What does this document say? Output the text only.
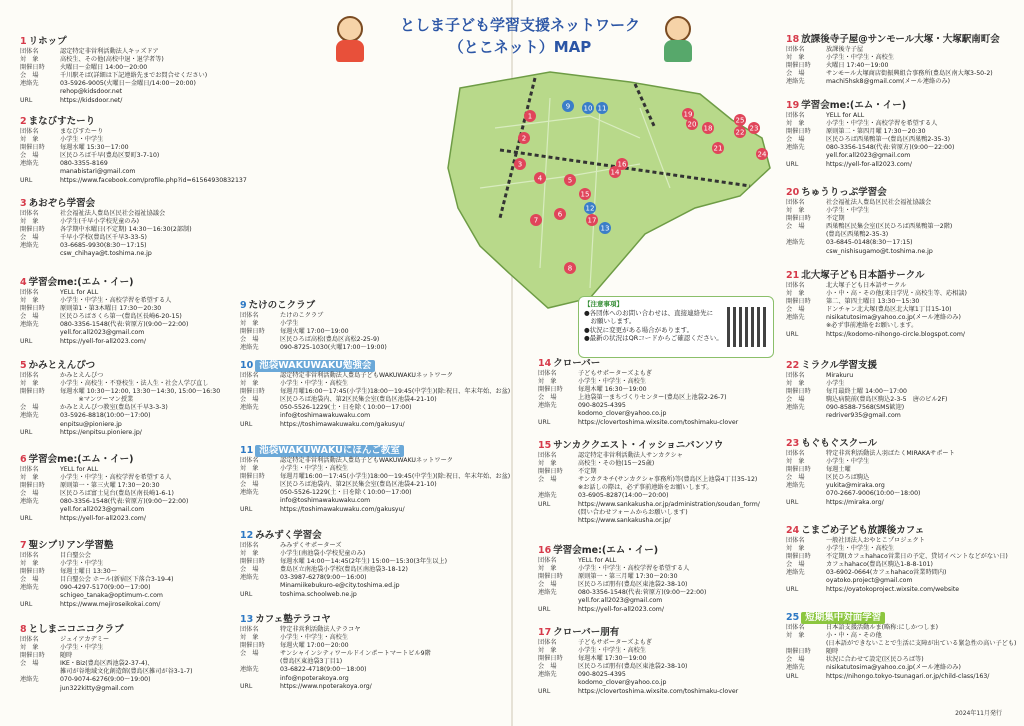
としま子ども学習支援ネットワーク
（とこネット）MAP
1
2
3
4	5
6
7
8
9 10 11
12
13
14
15
16
17
18
19
20
21
22 23
24
25
【注意事項】
●各団体へのお問い合わせは、直接連絡先に
　お願いします。
●状況に変更がある場合があります。
●最新の状況はQRコードからご確認ください。
2024年11月発行
1 リホップ
団体名	認定特定非営利活動法人キッズドア
対　象	高校生、その他(高校中退・退学者等)
開催日時	火曜日～金曜日 14:00～20:00
会　場	千川駅そば(詳細は下記連絡先までお問合せください)
連絡先	03-5926-9005(火曜日～金曜日/14:00～20:00)
rehop@kidsdoor.net
URL	https://kidsdoor.net/
2 まなびすたーり
団体名	まなびすたーり
対　象	小学生・中学生
開催日時	毎週水曜 15:30～17:00
会　場	区民ひろば千早(豊島区要町3-7-10)
連絡先	080-3355-8169
manabistari@gmail.com
URL	https://www.facebook.com/profile.php?id=61564930832137
3 あおぞら学習会
団体名	社会福祉法人豊島区民社会福祉協議会
対　象	小学生(千早小学校児童のみ)
開催日時	各学期中水曜日(不定期) 14:30～16:30(2部制)
会　場	千早小学校(豊島区千早3-33-5)
連絡先	03-6685-9930(8:30～17:15)
csw_chihaya@t.toshima.ne.jp
4 学習会me:(エム・イー)
団体名	YELL for ALL
対　象	小学生・中学生・高校学習を希望する人
開催日時	原則第1・第3木曜日 17:30～20:30
会　場	区民ひろばさくら第一(豊島区長崎6-20-15)
連絡先	080-3356-1548(代表:菅原方)(9:00～22:00)
yell.for.all2023@gmail.com
URL	https://yell-for-all2023.com/
5 かみとえんぴつ
団体名	かみとえんぴつ
対　象	小学生・高校生・不登校生・法人生・社会人学び直し
開催日時	毎週水曜 10:30～12:00, 13:30～14:30, 15:00～16:30
　　　※マンツーマン授業
会　場	かみとえんぴつ教室(豊島区千早3-3-3)
連絡先	03-5926-8818(10:00～17:00)
enpitsu@pioniere.jp
URL	https://enpitsu.pioniere.jp/
6 学習会me:(エム・イー)
団体名	YELL for ALL
対　象	小学生・中学生・高校学習を希望する人
開催日時	原則第一・第三火曜 17:30～20:30
会　場	区民ひろば富士見台(豊島区南長崎1-6-1)
連絡先	080-3356-1548(代表:菅原方)(9:00～22:00)
yell.for.all2023@gmail.com
URL	https://yell-for-all2023.com/
7 聖シプリアン学習塾
団体名	目白聖公会
対　象	小学生・中学生
開催日時	毎週土曜日 13:30～
会　場	目白聖公会 ホール(新宿区下落合3-19-4)
連絡先	090-4297-5170(9:00～17:00)
schigeo_tanaka@optimum-c.com
URL	https://www.mejiroseikokai.com/
8 としまニコニコクラブ
団体名	ジェイアカデミー
対　象	小学生・中学生
開催日時	随時
会　場	IKE・Biz(豊島区西池袋2-37-4)、
雑司が谷地域文化創造館(豊島区雑司が谷3-1-7)
連絡先	070-9074-6276(9:00～19:00)
jun322kitty@gmail.com
9 たけのこクラブ
団体名	たけのこクラブ
対　象	小学生
開催日時	毎週火曜 17:00～19:00
会　場	区民ひろば高松(豊島区高松2-25-9)
連絡先	090-8725-1030(火曜17:00～19:00)
10 池袋WAKUWAKU勉強会
団体名	認定特定非営利活動法人豊島子どもWAKUWAKUネットワーク
対　象	小学生・中学生・高校生
開催日時	毎週月曜16:00～17:45(小学生)18:00～19:45(中学生)(除:祝日、年末年始、お盆)
会　場	区民ひろば池袋内、第2区民集会室(豊島区池袋4-21-10)
連絡先	050-5526-1229(土・日を除く10:00～17:00)
info@toshimawakuwaku.com
URL	https://toshimawakuwaku.com/gakusyu/
11 池袋WAKUWAKUにほんご教室
団体名	認定特定非営利活動法人豊島子どもWAKUWAKUネットワーク
対　象	小学生・中学生・高校生
開催日時	毎週月曜16:00～17:45(小学生)18:00～19:45(中学生)(除:祝日、年末年始、お盆)
会　場	区民ひろば池袋内、第2区民集会室(豊島区池袋4-21-10)
連絡先	050-5526-1229(土・日を除く10:00～17:00)
info@toshimawakuwaku.com
URL	https://toshimawakuwaku.com/gakusyu/
12 みみずく学習会
団体名	みみずくサポーターズ
対　象	小学生(南池袋小学校児童のみ)
開催日時	毎週水曜 14:00～14:45(2年生) 15:00～15:30(3年生以上)
会　場	豊島区立南池袋小学校(豊島区南池袋3-18-12)
連絡先	03-3987-6278(9:00～16:00)
Minamiikebukuro-e@city.toshima.ed.jp
URL	toshima.schoolweb.ne.jp
13 カフェ塾テラコヤ
団体名	特定非営利活動法人テラコヤ
対　象	小学生・中学生・高校生
開催日時	毎週火曜 17:00～20:00
会　場	サンシャインシティワールドインポートマートビル9階
(豊島区東池袋3丁目1)
連絡先	03-6822-4718(9:00～18:00)
info@npoterakoya.org
URL	https://www.npoterakoya.org/
14 クローバー
団体名	子どもサポーターズよもぎ
対　象	小学生・中学生・高校生
開催日時	毎週木曜 16:30～19:00
会　場	上池袋第一まちづくりセンター(豊島区上池袋2-26-7)
連絡先	090-8025-4395
kodomo_clover@yahoo.co.jp
URL	https://clovertoshima.wixsite.com/toshimaku-clover
15 サンカククエスト・イッショニバンソウ
団体名	認定特定非営利活動法人サンカクシャ
対　象	高校生・その他(15～25歳)
開催日時	不定期
会　場	サンカクキチ(サンカクシャ事務所)等(豊島区上池袋4丁目35-12)
※お話しの際は、必ず事前連絡をお願いします。
連絡先	03-6905-8287(14:00～20:00)
URL	https://www.sankakusha.or.jp/administration/soudan_form/
(問い合わせフォームからお願いします)
https://www.sankakusha.or.jp/
16 学習会me:(エム・イー)
団体名	YELL for ALL
対　象	小学生・中学生・高校学習を希望する人
開催日時	原則第一・第三月曜 17:30～20:30
会　場	区民ひろば朋有(豊島区東池袋2-38-10)
連絡先	080-3356-1548(代表:菅原方)(9:00～22:00)
yell.for.all2023@gmail.com
URL	https://yell-for-all2023.com/
17 クローバー朋有
団体名	子どもサポーターズよもぎ
対　象	小学生・中学生・高校生
開催日時	毎週木曜 17:30～19:00
会　場	区民ひろば朋有(豊島区東池袋2-38-10)
連絡先	090-8025-4395
kodomo_clover@yahoo.co.jp
URL	https://clovertoshima.wixsite.com/toshimaku-clover
18 放課後寺子屋@サンモール大塚・大塚駅南町会
団体名	放課後寺子屋
対　象	小学生・中学生・高校生
開催日時	火曜日 17:40～19:00
会　場	サンモール大塚商店街振興組合事務所(豊島区南大塚3-50-2)
連絡先	machi5hsk8@gmail.com(メール連絡のみ)
19 学習会me:(エム・イー)
団体名	YELL for ALL
対　象	小学生・中学生・高校学習を希望する人
開催日時	原則第二・第四月曜 17:30～20:30
会　場	区民ひろば西巣鴨第一(豊島区西巣鴨2-35-3)
連絡先	080-3356-1548(代表:菅原方)(9:00～22:00)
yell.for.all2023@gmail.com
URL	https://yell-for-all2023.com/
20 ちゅうりっぷ学習会
団体名	社会福祉法人豊島区民社会福祉協議会
対　象	小学生・中学生
開催日時	不定期
会　場	西巣鴨区民集会室(区民ひろば西巣鴨第一2階)
(豊島区西巣鴨2-35-3)
連絡先	03-6845-0148(8:30～17:15)
csw_nishisugamo@t.toshima.ne.jp
21 北大塚子ども日本語サークル
団体名	北大塚子ども日本語サークル
対　象	小・中・高・その他(来日学児・高校生等、応相談)
開催日時	第二、第四土曜日 13:30～15:30
会　場	ドンチャン北大塚(豊島区北大塚1丁目15-10)
連絡先	nisikatutosima@yahoo.co.jp(メール連絡のみ)
※必ず事前連絡をお願いします。
URL	https://kodomo-nihongo-circle.blogspot.com/
22 ミラクル学習支援
団体名	Mirakuru
対　象	小学生
開催日時	毎月最終土曜 14:00～17:00
会　場	駒込病院前(豊島区駒込2-3-5　唐のビル2F)
連絡先	090-8588-7568(SMS歓迎)
redriver935@gmail.com
23 もぐもぐスクール
団体名	特定非営利活動法人羽ばたくMIRAKAサポート
対　象	小学生・中学生
開催日時	毎週土曜
会　場	区民ひろば駒込
連絡先	yukita@miraka.org
070-2667-9006(10:00～18:00)
URL	https://miraka.org/
24 こまごめ子ども放課後カフェ
団体名	一般社団法人おやとこプロジェクト
対　象	小学生・中学生・高校生
開催日時	不定期(カフェhahaco営業日の予定、貸切イベントなどがない日)
会　場	カフェhahaco(豊島区駒込1-8-8-101)
連絡先	03-6902-0664(カフェhahaco営業時間内)
oyatoko.project@gmail.com
URL	https://oyatokoproject.wixsite.com/website
25 短期集中対面学習
団体名	日本語支援活動ルま(略称:にしかつしま)
対　象	小・中・高・その他
(日本語ができないことで生活に支障が出ている緊急性の高い子ども)
開催日時	随時
会　場	状況に合わせて設定(区民ひろば等)
連絡先	nisikatutosima@yahoo.co.jp(メール連絡のみ)
URL	https://nihongo.tokyo-tsunagari.or.jp/child-class/163/
